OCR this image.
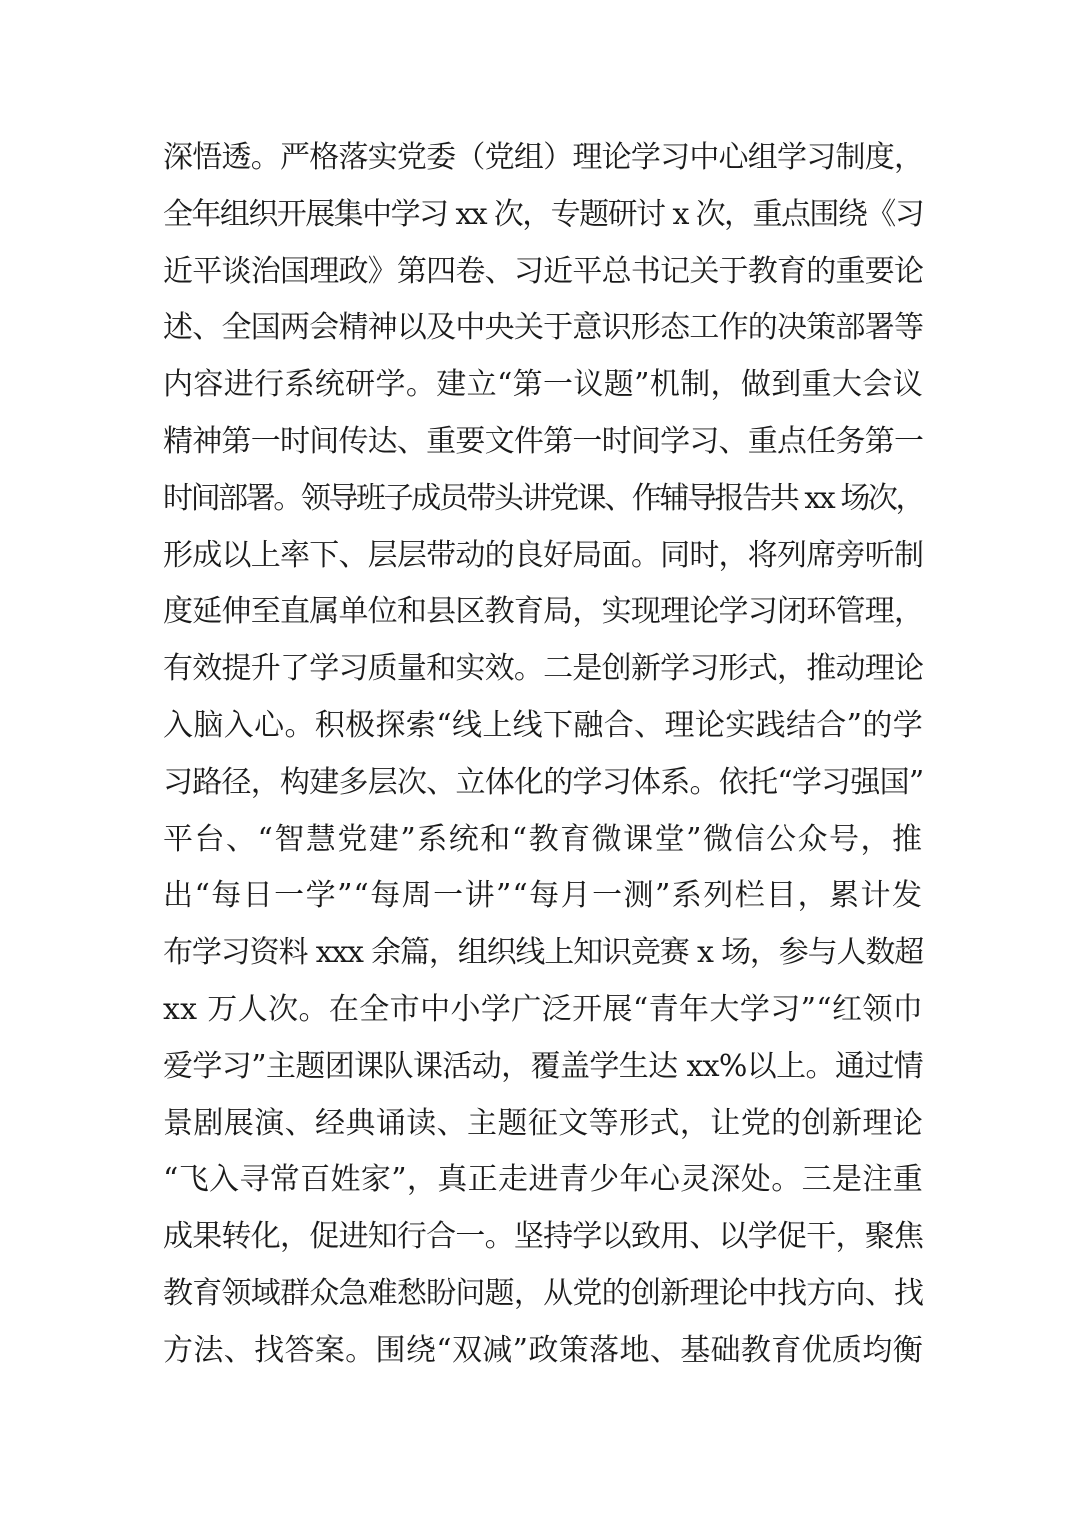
深悟透。严格落实党委（党组）理论学习中心组学习制度，
全年组织开展集中学习 xx 次，专题研讨 x 次，重点围绕《习
近平谈治国理政》第四卷、习近平总书记关于教育的重要论
述、全国两会精神以及中央关于意识形态工作的决策部署等
内容进行系统研学。建立“第一议题”机制，做到重大会议
精神第一时间传达、重要文件第一时间学习、重点任务第一
时间部署。领导班子成员带头讲党课、作辅导报告共 xx 场次，
形成以上率下、层层带动的良好局面。同时，将列席旁听制
度延伸至直属单位和县区教育局，实现理论学习闭环管理，
有效提升了学习质量和实效。二是创新学习形式，推动理论
入脑入心。积极探索“线上线下融合、理论实践结合”的学
习路径，构建多层次、立体化的学习体系。依托“学习强国”
平台、“智慧党建”系统和“教育微课堂”微信公众号，推
出“每日一学”“每周一讲”“每月一测”系列栏目，累计发
布学习资料 xxx 余篇，组织线上知识竞赛 x 场，参与人数超
xx 万人次。在全市中小学广泛开展“青年大学习”“红领巾
爱学习”主题团课队课活动，覆盖学生达 xx%以上。通过情
景剧展演、经典诵读、主题征文等形式，让党的创新理论
“飞入寻常百姓家”，真正走进青少年心灵深处。三是注重
成果转化，促进知行合一。坚持学以致用、以学促干，聚焦
教育领域群众急难愁盼问题，从党的创新理论中找方向、找
方法、找答案。围绕“双减”政策落地、基础教育优质均衡
